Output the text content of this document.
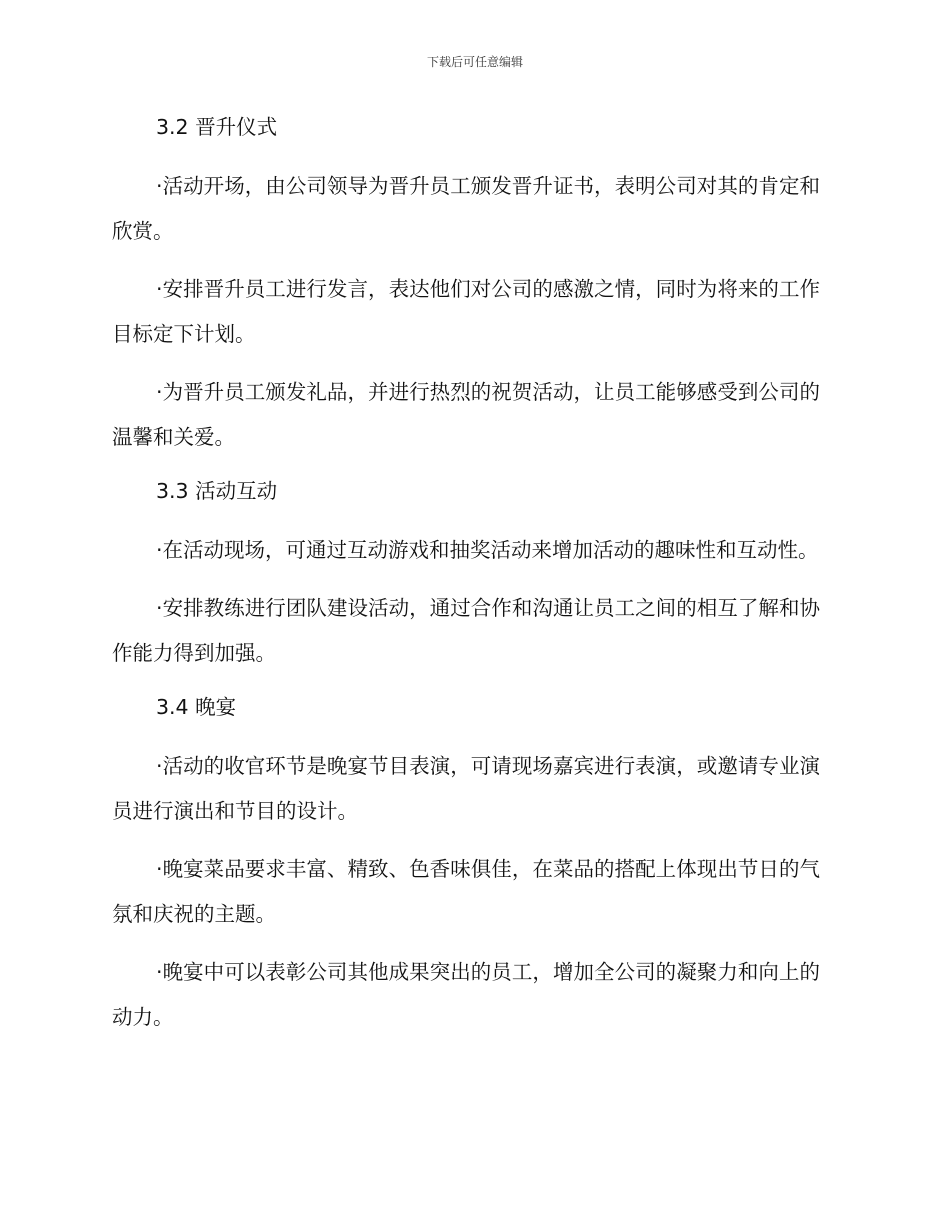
下载后可任意编辑
3.2 晋升仪式

·活动开场，由公司领导为晋升员工颁发晋升证书，表明公司对其的肯定和欣赏。

·安排晋升员工进行发言，表达他们对公司的感激之情，同时为将来的工作目标定下计划。

·为晋升员工颁发礼品，并进行热烈的祝贺活动，让员工能够感受到公司的温馨和关爱。

3.3 活动互动

·在活动现场，可通过互动游戏和抽奖活动来增加活动的趣味性和互动性。

·安排教练进行团队建设活动，通过合作和沟通让员工之间的相互了解和协作能力得到加强。

3.4 晚宴

·活动的收官环节是晚宴节目表演，可请现场嘉宾进行表演，或邀请专业演员进行演出和节目的设计。

·晚宴菜品要求丰富、精致、色香味俱佳，在菜品的搭配上体现出节日的气氛和庆祝的主题。

·晚宴中可以表彰公司其他成果突出的员工，增加全公司的凝聚力和向上的动力。
